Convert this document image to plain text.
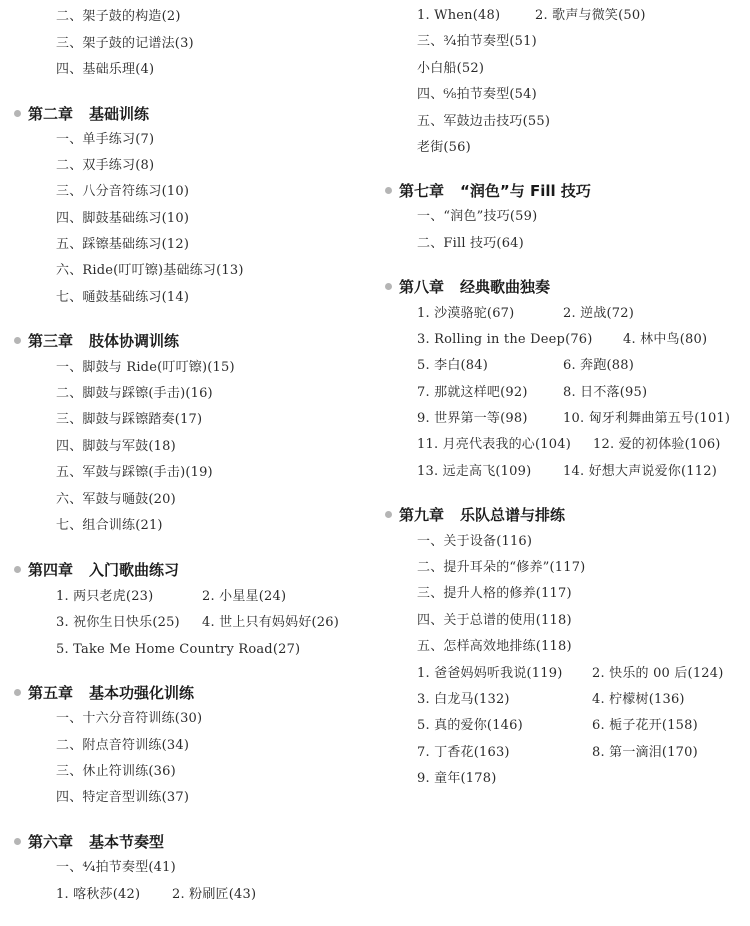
二、架子鼓的构造(2)
三、架子鼓的记谱法(3)
四、基础乐理(4)
第二章 基础训练
一、单手练习(7)
二、双手练习(8)
三、八分音符练习(10)
四、脚鼓基础练习(10)
五、踩镲基础练习(12)
六、Ride(叮叮镲)基础练习(13)
七、嗵鼓基础练习(14)
第三章 肢体协调训练
一、脚鼓与 Ride(叮叮镲)(15)
二、脚鼓与踩镲(手击)(16)
三、脚鼓与踩镲踏奏(17)
四、脚鼓与军鼓(18)
五、军鼓与踩镲(手击)(19)
六、军鼓与嗵鼓(20)
七、组合训练(21)
第四章 入门歌曲练习
1. 两只老虎(23)	2. 小星星(24)
3. 祝你生日快乐(25) 4. 世上只有妈妈好(26)
5. Take Me Home Country Road(27)
第五章 基本功强化训练
一、十六分音符训练(30)
二、附点音符训练(34)
三、休止符训练(36)
四、特定音型训练(37)
第六章 基本节奏型
一、⁴⁄₄拍节奏型(41)
1. 喀秋莎(42) 2. 粉刷匠(43)
1. When(48)	2. 歌声与微笑(50)
三、³⁄₄拍节奏型(51)
小白船(52)
四、⁶⁄₈拍节奏型(54)
五、军鼓边击技巧(55)
老街(56)
第七章 “润色”与 Fill 技巧
一、“润色”技巧(59)
二、Fill 技巧(64)
第八章 经典歌曲独奏
1. 沙漠骆驼(67)	2. 逆战(72)
3. Rolling in the Deep(76) 4. 林中鸟(80)
5. 李白(84)	6. 奔跑(88)
7. 那就这样吧(92)	8. 日不落(95)
9. 世界第一等(98)	10. 匈牙利舞曲第五号(101)
11. 月亮代表我的心(104) 12. 爱的初体验(106)
13. 远走高飞(109) 14. 好想大声说爱你(112)
第九章 乐队总谱与排练
一、关于设备(116)
二、提升耳朵的“修养”(117)
三、提升人格的修养(117)
四、关于总谱的使用(118)
五、怎样高效地排练(118)
1. 爸爸妈妈听我说(119) 2. 快乐的 00 后(124)
3. 白龙马(132)	4. 柠檬树(136)
5. 真的爱你(146)	6. 栀子花开(158)
7. 丁香花(163)	8. 第一滴泪(170)
9. 童年(178)
